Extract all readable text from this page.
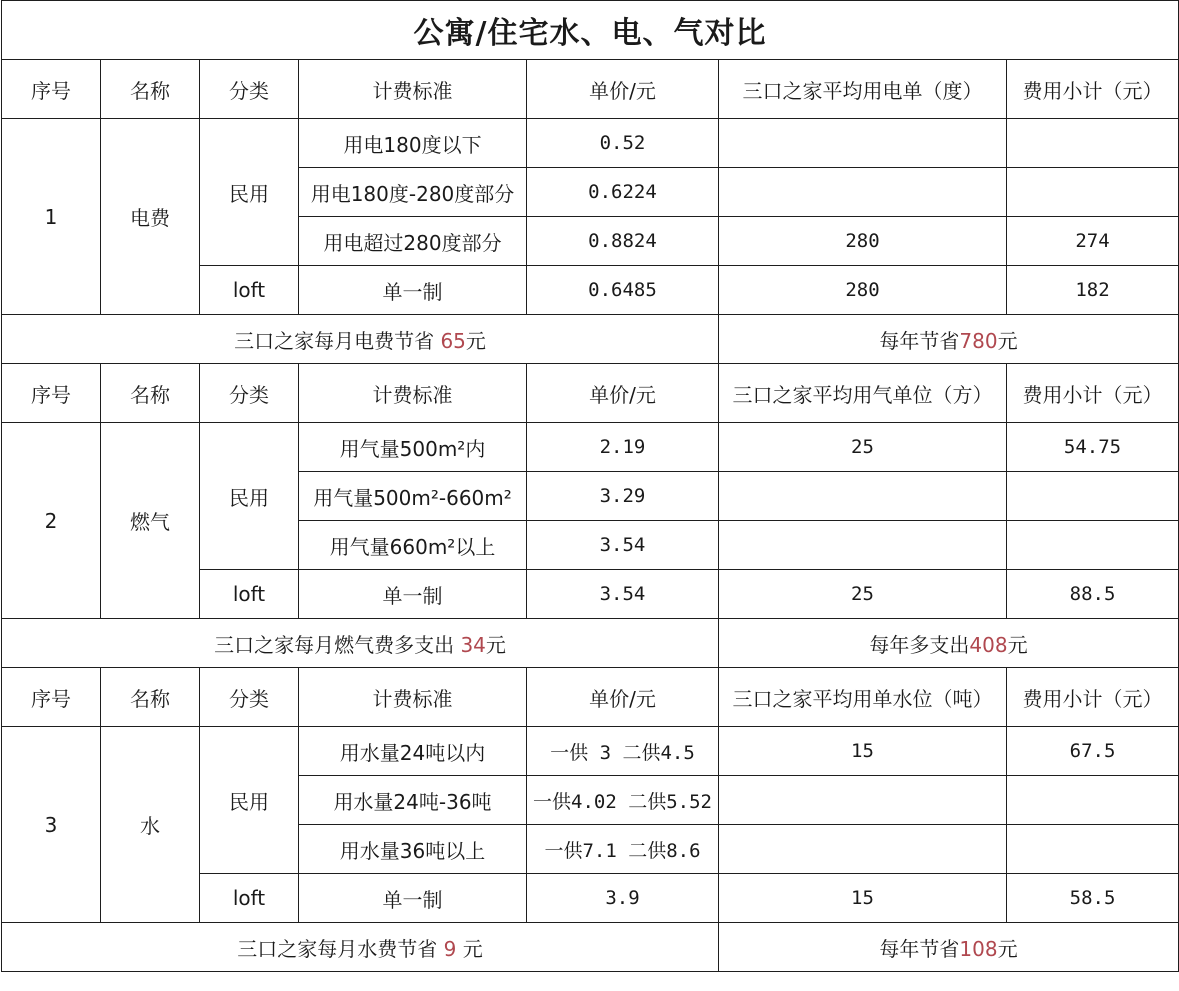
公寓/住宅水、电、气对比						
序号	名称	分类	计费标准	单价/元	三口之家平均用电单（度）	费用小计（元）
1	电费	民用	用电180度以下	0.52		
			用电180度-280度部分	0.6224		
			用电超过280度部分	0.8824	280	274
		loft	单一制	0.6485	280	182
三口之家每月电费节省 65元					每年节省780元	
序号	名称	分类	计费标准	单价/元	三口之家平均用气单位（方）	费用小计（元）
2	燃气	民用	用气量500m²内	2.19	25	54.75
			用气量500m²-660m²	3.29		
			用气量660m²以上	3.54		
		loft	单一制	3.54	25	88.5
三口之家每月燃气费多支出 34元					每年多支出408元	
序号	名称	分类	计费标准	单价/元	三口之家平均用单水位（吨）	费用小计（元）
3	水	民用	用水量24吨以内	一供 3 二供4.5	15	67.5
			用水量24吨-36吨	一供4.02 二供5.52		
			用水量36吨以上	一供7.1 二供8.6		
		loft	单一制	3.9	15	58.5
三口之家每月水费节省 9 元					每年节省108元	
